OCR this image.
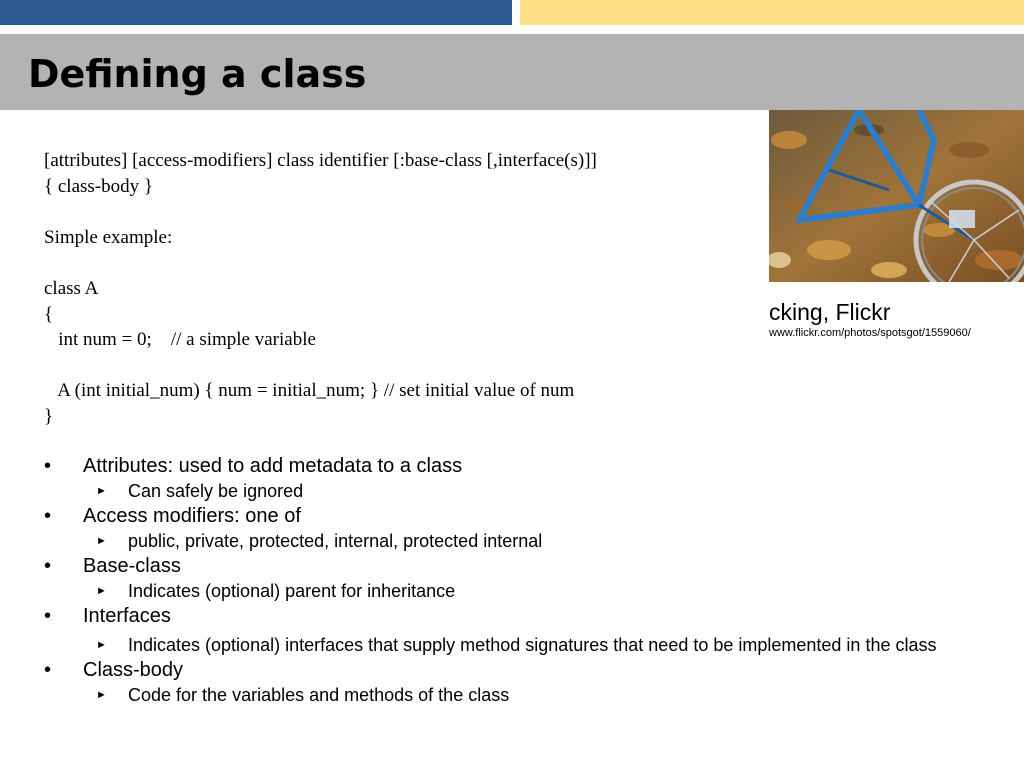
Defining a class
cking, Flickr
www.flickr.com/photos/spotsgot/1559060/
[attributes] [access-modifiers] class identifier [:base-class [,interface(s)]]
{ class-body }
Simple example:
class A
{
int num = 0;    // a simple variable
A (int initial_num) { num = initial_num; } // set initial value of num
}
• Attributes: used to add metadata to a class
► Can safely be ignored
• Access modifiers: one of
► public, private, protected, internal, protected internal
• Base-class
► Indicates (optional) parent for inheritance
• Interfaces
► Indicates (optional) interfaces that supply method signatures that need to be implemented in the class
• Class-body
► Code for the variables and methods of the class
